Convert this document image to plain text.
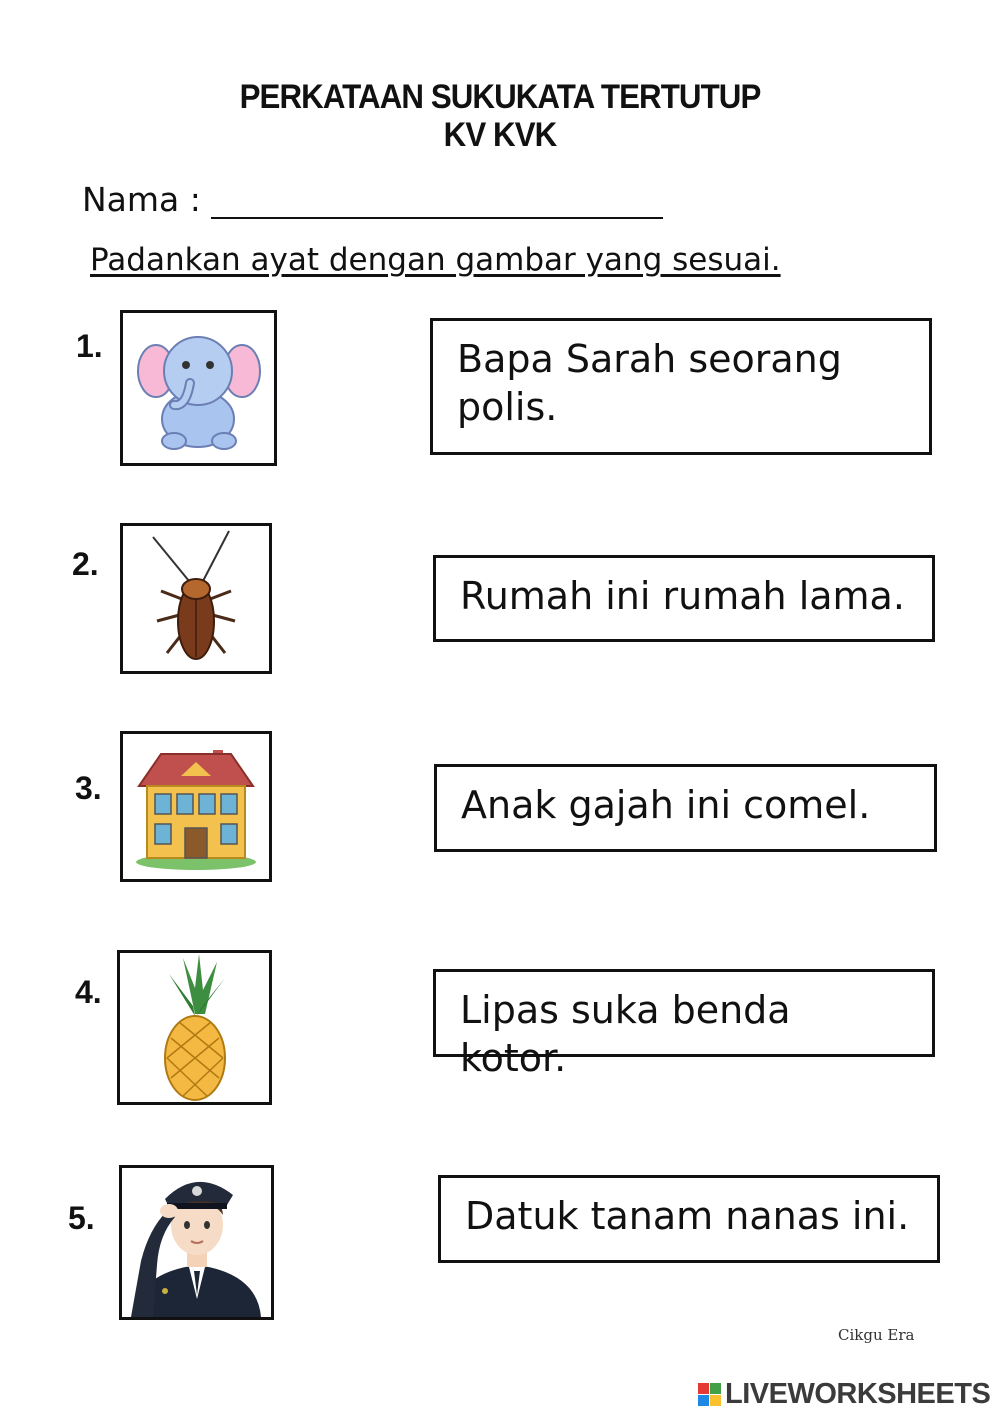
PERKATAAN SUKUKATA TERTUTUP
KV KVK
Nama :
Padankan ayat dengan gambar yang sesuai.
1.	Bapa Sarah seorang polis.
2.
Rumah ini rumah lama.
3.	Anak gajah ini comel.
4.	Lipas suka benda kotor.
5.	Datuk tanam nanas ini.
Cikgu Era
LIVEWORKSHEETS
